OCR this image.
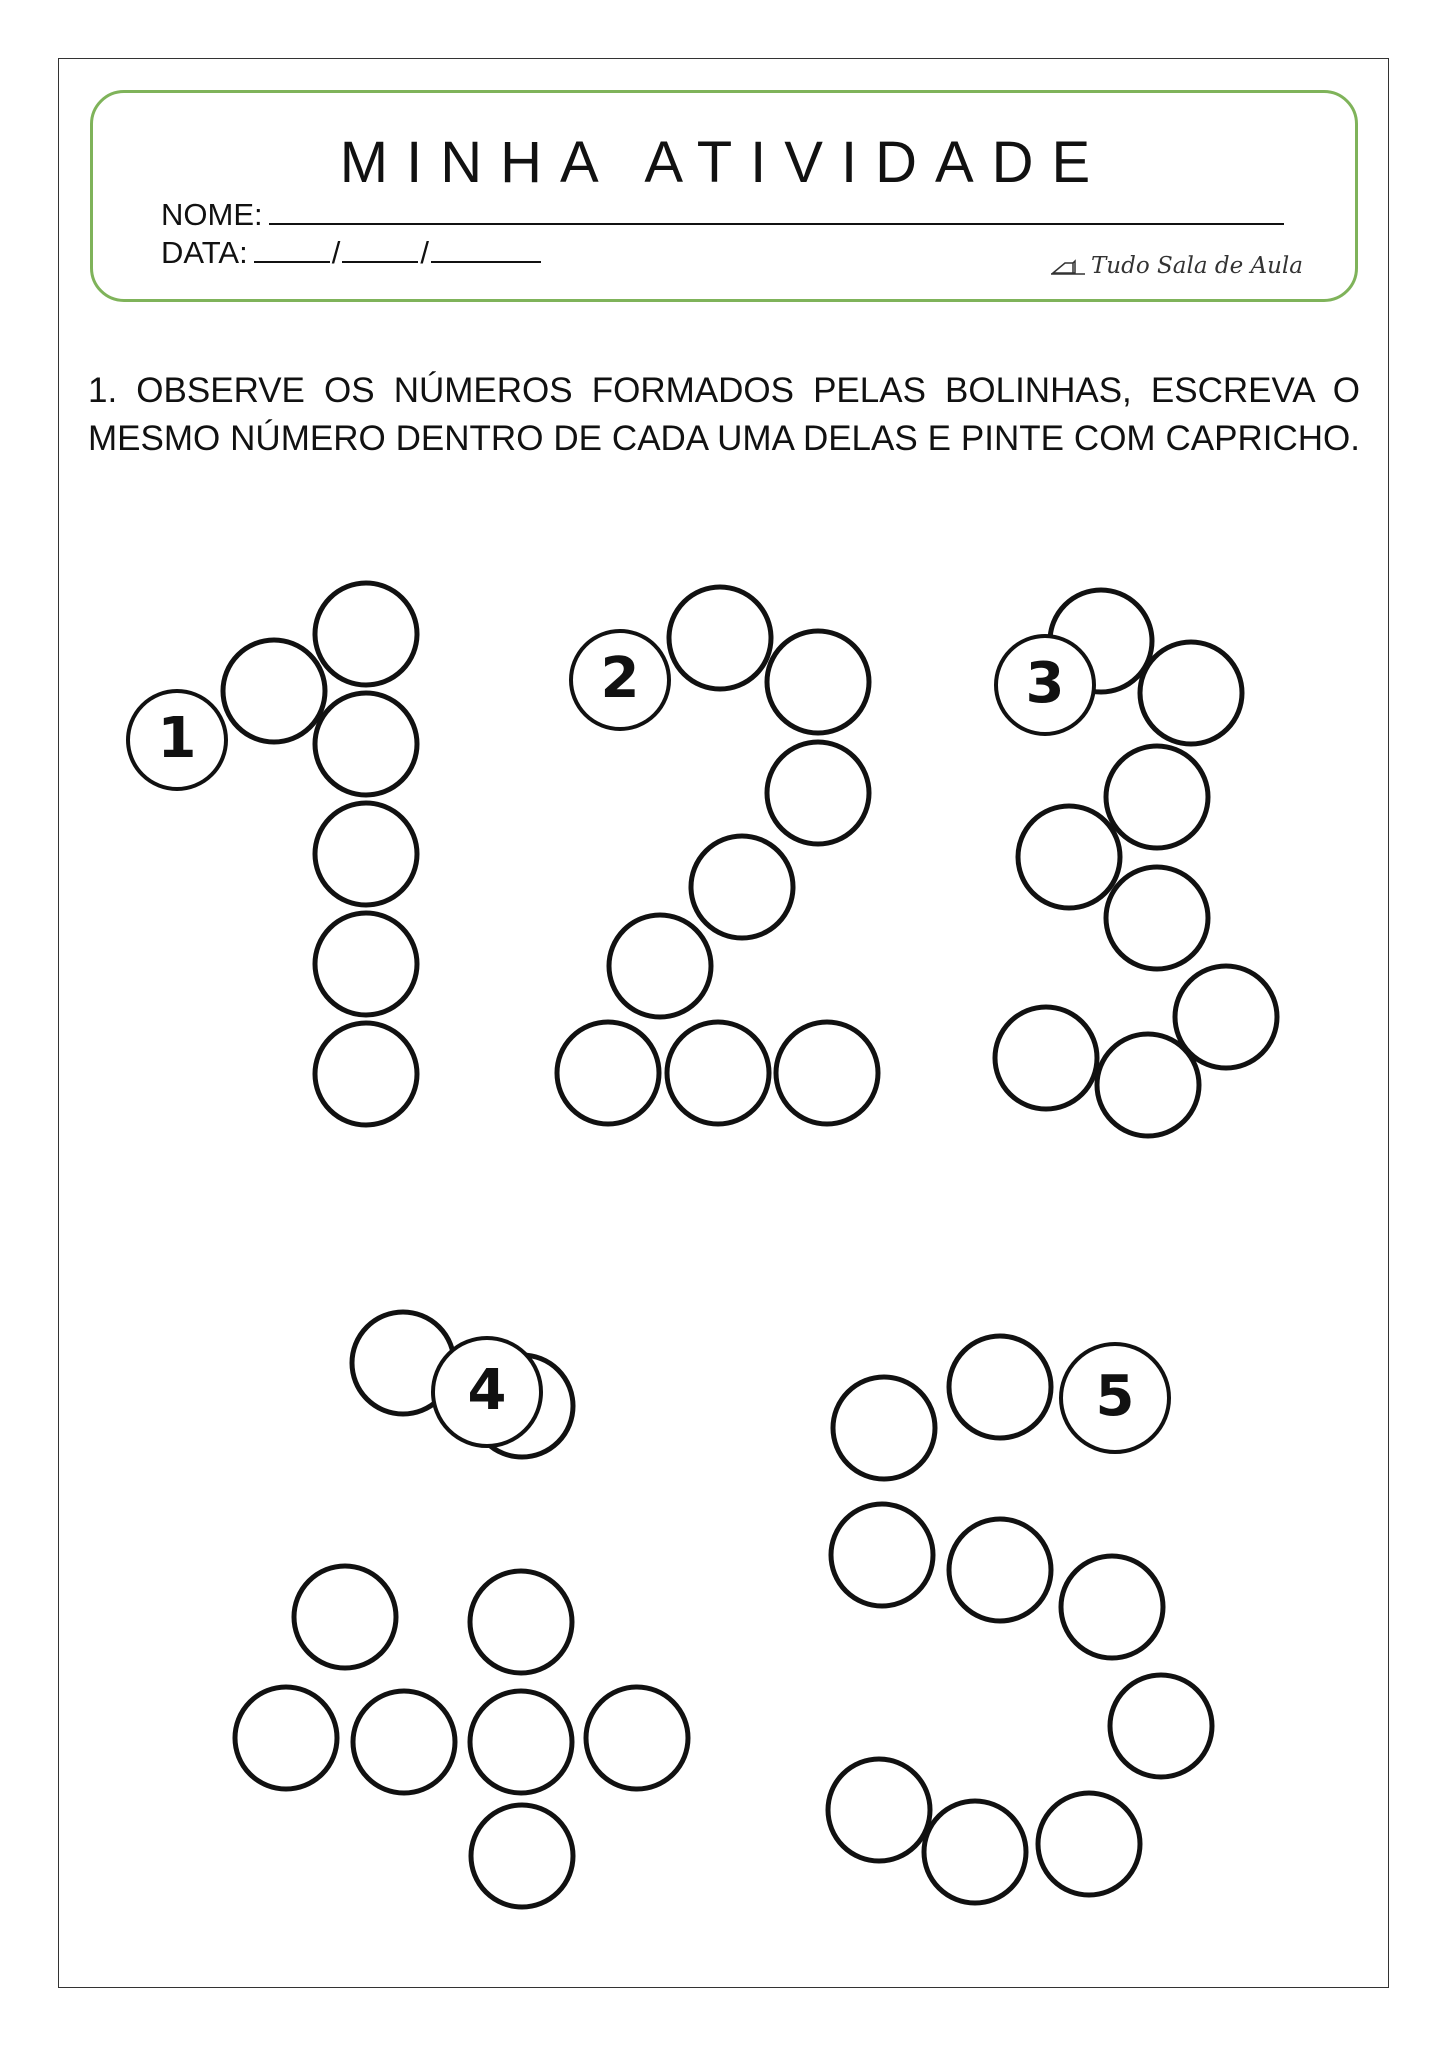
MINHA ATIVIDADE
NOME:
DATA:	/	/	Tudo Sala de Aula
1. OBSERVE OS NÚMEROS FORMADOS PELAS BOLINHAS, ESCREVA O MESMO NÚMERO DENTRO DE CADA UMA DELAS E PINTE COM CAPRICHO.
1
2	3
4	5
